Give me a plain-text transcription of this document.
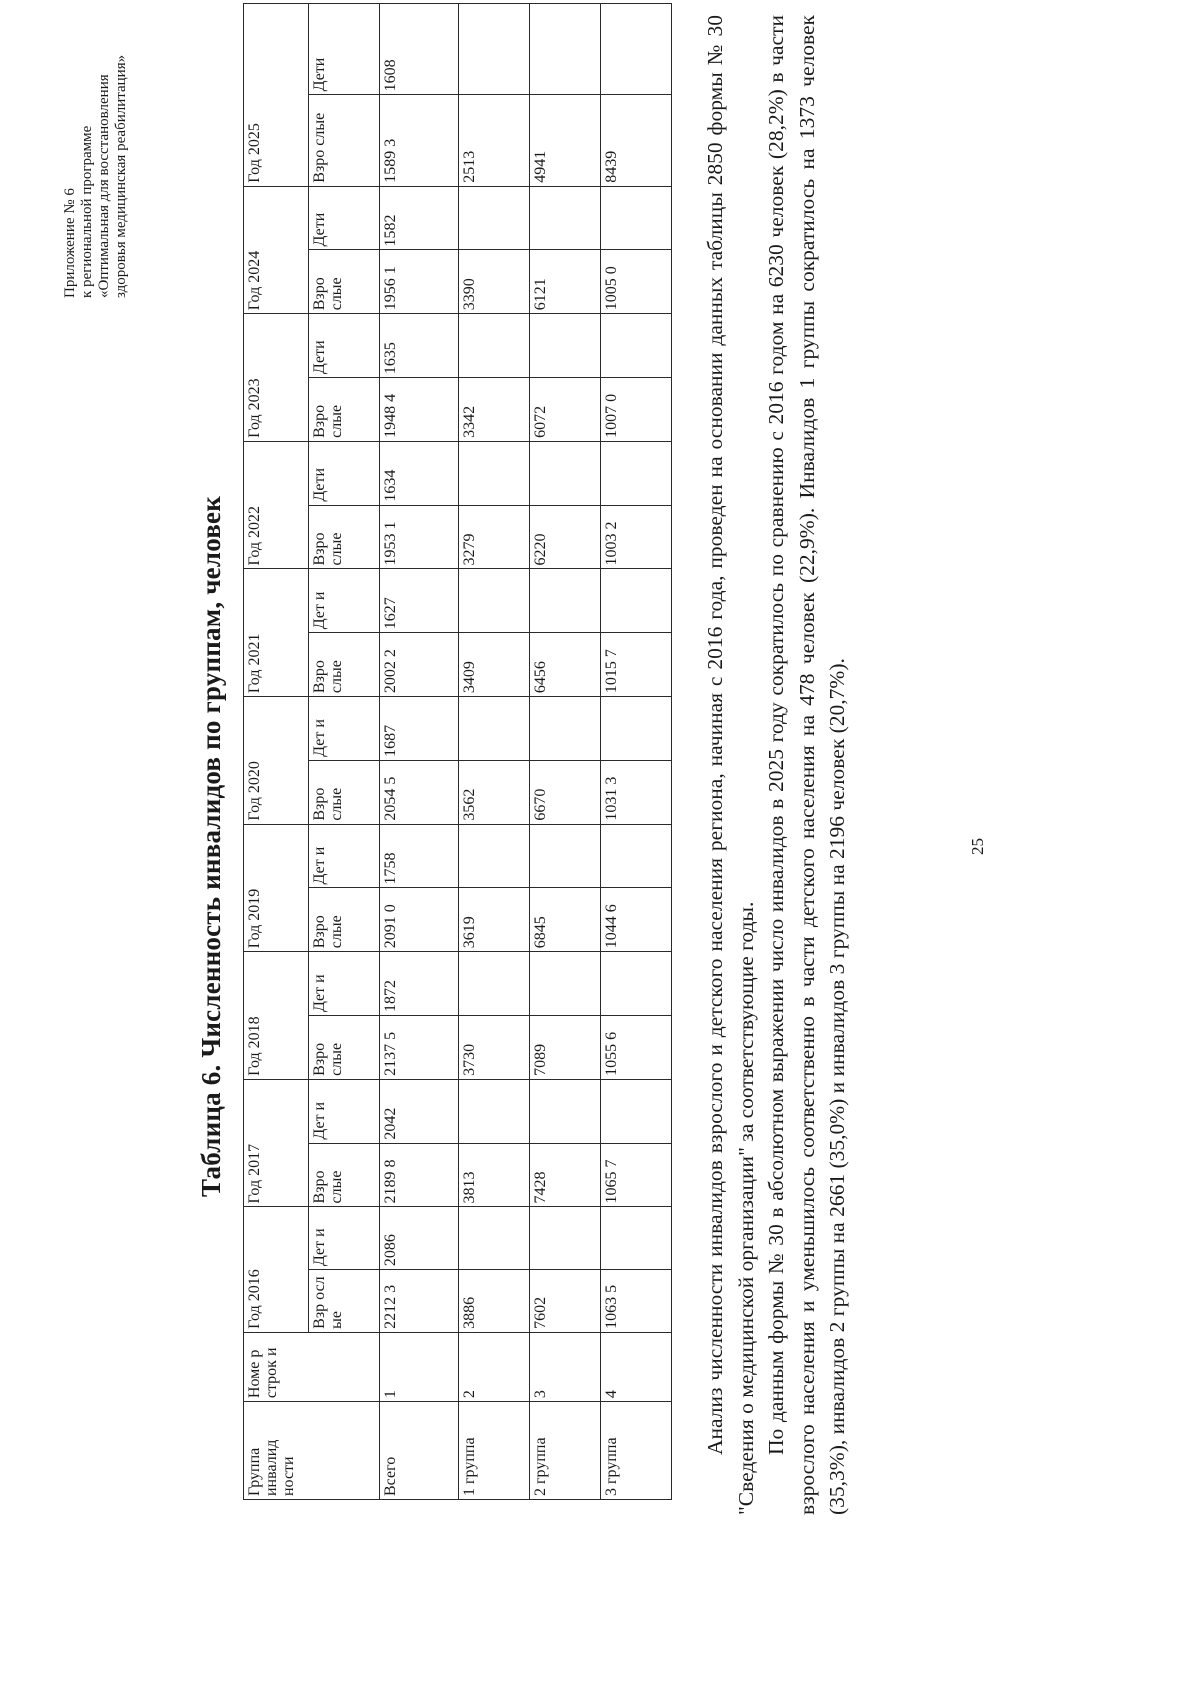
Приложение № 6 к региональной программе «Оптимальная для восстановления здоровья медицинская реабилитация»
Таблица 6. Численность инвалидов по группам, человек
Группа инвалид ности	Номе р строк и	Год 2016		Год 2017		Год 2018		Год 2019		Год 2020		Год 2021		Год 2022		Год 2023		Год 2024		Год 2025	
		Взр осл ые	Дет и	Взро слые	Дет и	Взро слые	Дет и	Взро слые	Дет и	Взро слые	Дет и	Взро слые	Дет и	Взро слые	Дети	Взро слые	Дети	Взро слые	Дети	Взро слые	Дети
Всего	1	2212 3	2086	2189 8	2042	2137 5	1872	2091 0	1758	2054 5	1687	2002 2	1627	1953 1	1634	1948 4	1635	1956 1	1582	1589 3	1608
1 группа	2	3886		3813		3730		3619		3562		3409		3279		3342		3390		2513	
2 группа	3	7602		7428		7089		6845		6670		6456		6220		6072		6121		4941	
3 группа	4	1063 5		1065 7		1055 6		1044 6		1031 3		1015 7		1003 2		1007 0		1005 0		8439		Анализ численности инвалидов взрослого и детского населения региона, начиная с 2016 года, проведен на основании данных таблицы 2850 формы № 30 "Сведения о медицинской организации" за соответствующие годы. По данным формы № 30 в абсолютном выражении число инвалидов в 2025 году сократилось по сравнению с 2016 годом на 6230 человек (28,2%) в части взрослого населения и уменьшилось соответственно в части детского населения на 478 человек (22,9%). Инвалидов 1 группы сократилось на 1373 человек (35,3%), инвалидов 2 группы на 2661 (35,0%) и инвалидов 3 группы на 2196 человек (20,7%).	25
